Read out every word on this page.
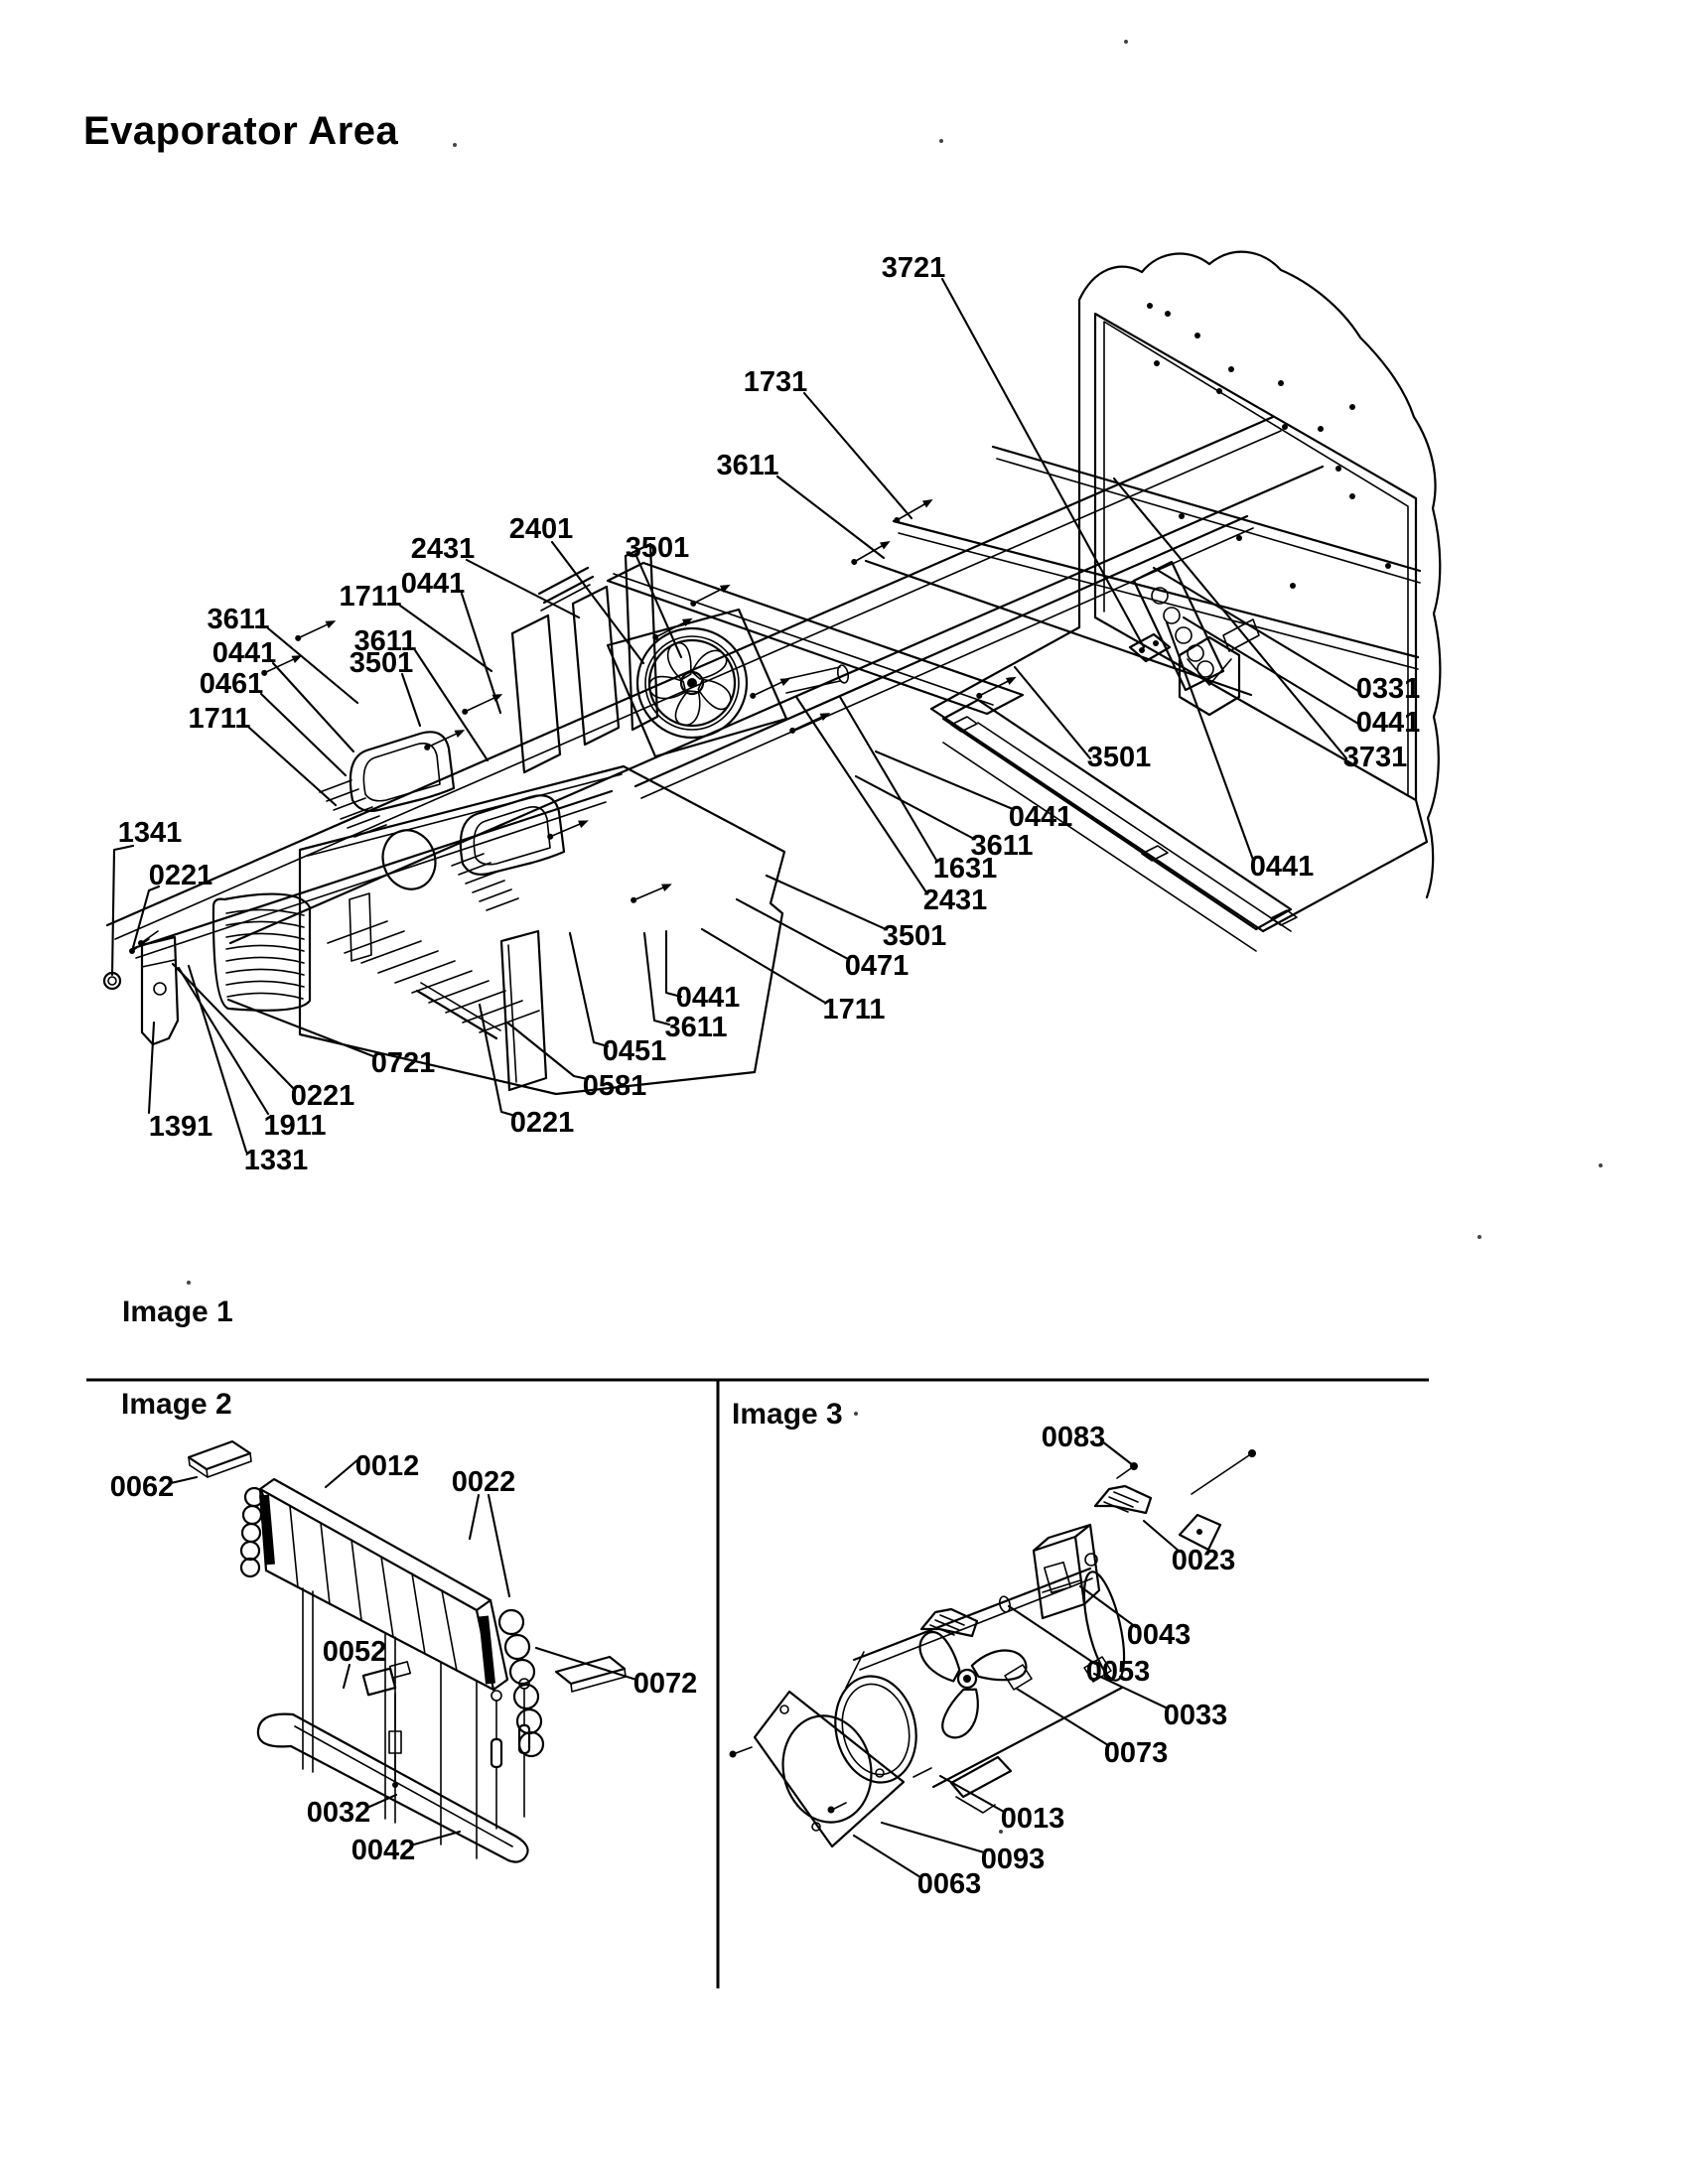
Evaporator Area
Image 1
Image 2	Image 3
3721
1731
3611
2431
2401
3501
1711 0441
3611
3611
3501
0441
0461
1711
0331
0441
3731
3501
0441
0441
3611
1631
2431
3501
0471
1711
1341
0221
0721
0221
1391 1911
1331
0441
3611
0451
0581
0221
0062
0012 0022
0052
0072
0032
0042
0083
0023
0043
0053
0033
0073
0013
0093
0063
